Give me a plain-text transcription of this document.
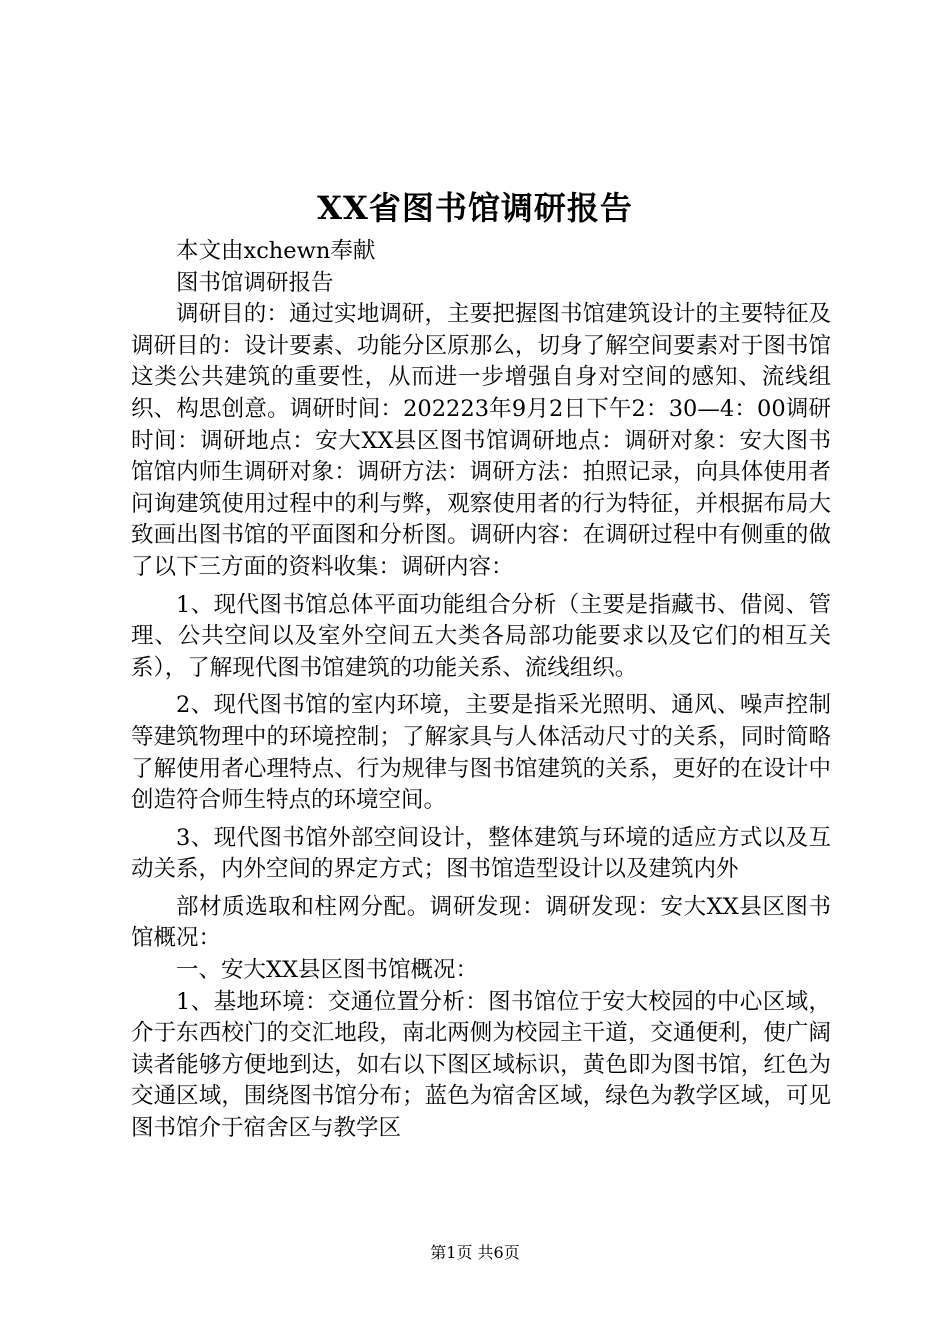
XX省图书馆调研报告

本文由xchewn奉献

图书馆调研报告

调研目的：通过实地调研，主要把握图书馆建筑设计的主要特征及调研目的：设计要素、功能分区原那么，切身了解空间要素对于图书馆这类公共建筑的重要性，从而进一步增强自身对空间的感知、流线组织、构思创意。调研时间：202223年9月2日下午2：30—4：00调研时间：调研地点：安大XX县区图书馆调研地点：调研对象：安大图书馆馆内师生调研对象：调研方法：调研方法：拍照记录，向具体使用者问询建筑使用过程中的利与弊，观察使用者的行为特征，并根据布局大致画出图书馆的平面图和分析图。调研内容：在调研过程中有侧重的做了以下三方面的资料收集：调研内容：

1、现代图书馆总体平面功能组合分析（主要是指藏书、借阅、管理、公共空间以及室外空间五大类各局部功能要求以及它们的相互关系），了解现代图书馆建筑的功能关系、流线组织。

2、现代图书馆的室内环境，主要是指采光照明、通风、噪声控制等建筑物理中的环境控制；了解家具与人体活动尺寸的关系，同时简略了解使用者心理特点、行为规律与图书馆建筑的关系，更好的在设计中创造符合师生特点的环境空间。

3、现代图书馆外部空间设计，整体建筑与环境的适应方式以及互动关系，内外空间的界定方式；图书馆造型设计以及建筑内外

部材质选取和柱网分配。调研发现：调研发现：安大XX县区图书馆概况：

一、安大XX县区图书馆概况：

1、基地环境：交通位置分析：图书馆位于安大校园的中心区域，介于东西校门的交汇地段，南北两侧为校园主干道，交通便利，使广阔读者能够方便地到达，如右以下图区域标识，黄色即为图书馆，红色为交通区域，围绕图书馆分布；蓝色为宿舍区域，绿色为教学区域，可见图书馆介于宿舍区与教学区

第1页 共6页
